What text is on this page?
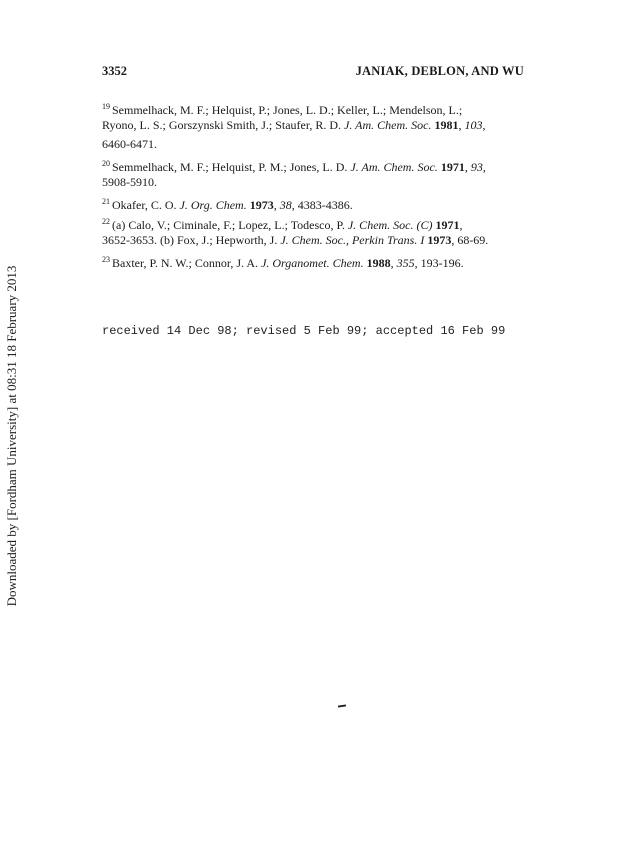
Downloaded by [Fordham University] at 08:31 18 February 2013
3352	JANIAK, DEBLON, AND WU
$^{19}$ Semmelhack, M. F.; Helquist, P.; Jones, L. D.; Keller, L.; Mendelson, L.;
Ryono, L. S.; Gorszynski Smith, J.; Staufer, R. D. J. Am. Chem. Soc. 1981, 103,
6460-6471.
$^{20}$ Semmelhack, M. F.; Helquist, P. M.; Jones, L. D. J. Am. Chem. Soc. 1971, 93,
5908-5910.
$^{21}$ Okafer, C. O. J. Org. Chem. 1973, 38, 4383-4386.
$^{22}$ (a) Calo, V.; Ciminale, F.; Lopez, L.; Todesco, P. J. Chem. Soc. (C) 1971,
3652-3653. (b) Fox, J.; Hepworth, J. J. Chem. Soc., Perkin Trans. I 1973, 68-69.
$^{23}$ Baxter, P. N. W.; Connor, J. A. J. Organomet. Chem. 1988, 355, 193-196.
received 14 Dec 98; revised 5 Feb 99; accepted 16 Feb 99
